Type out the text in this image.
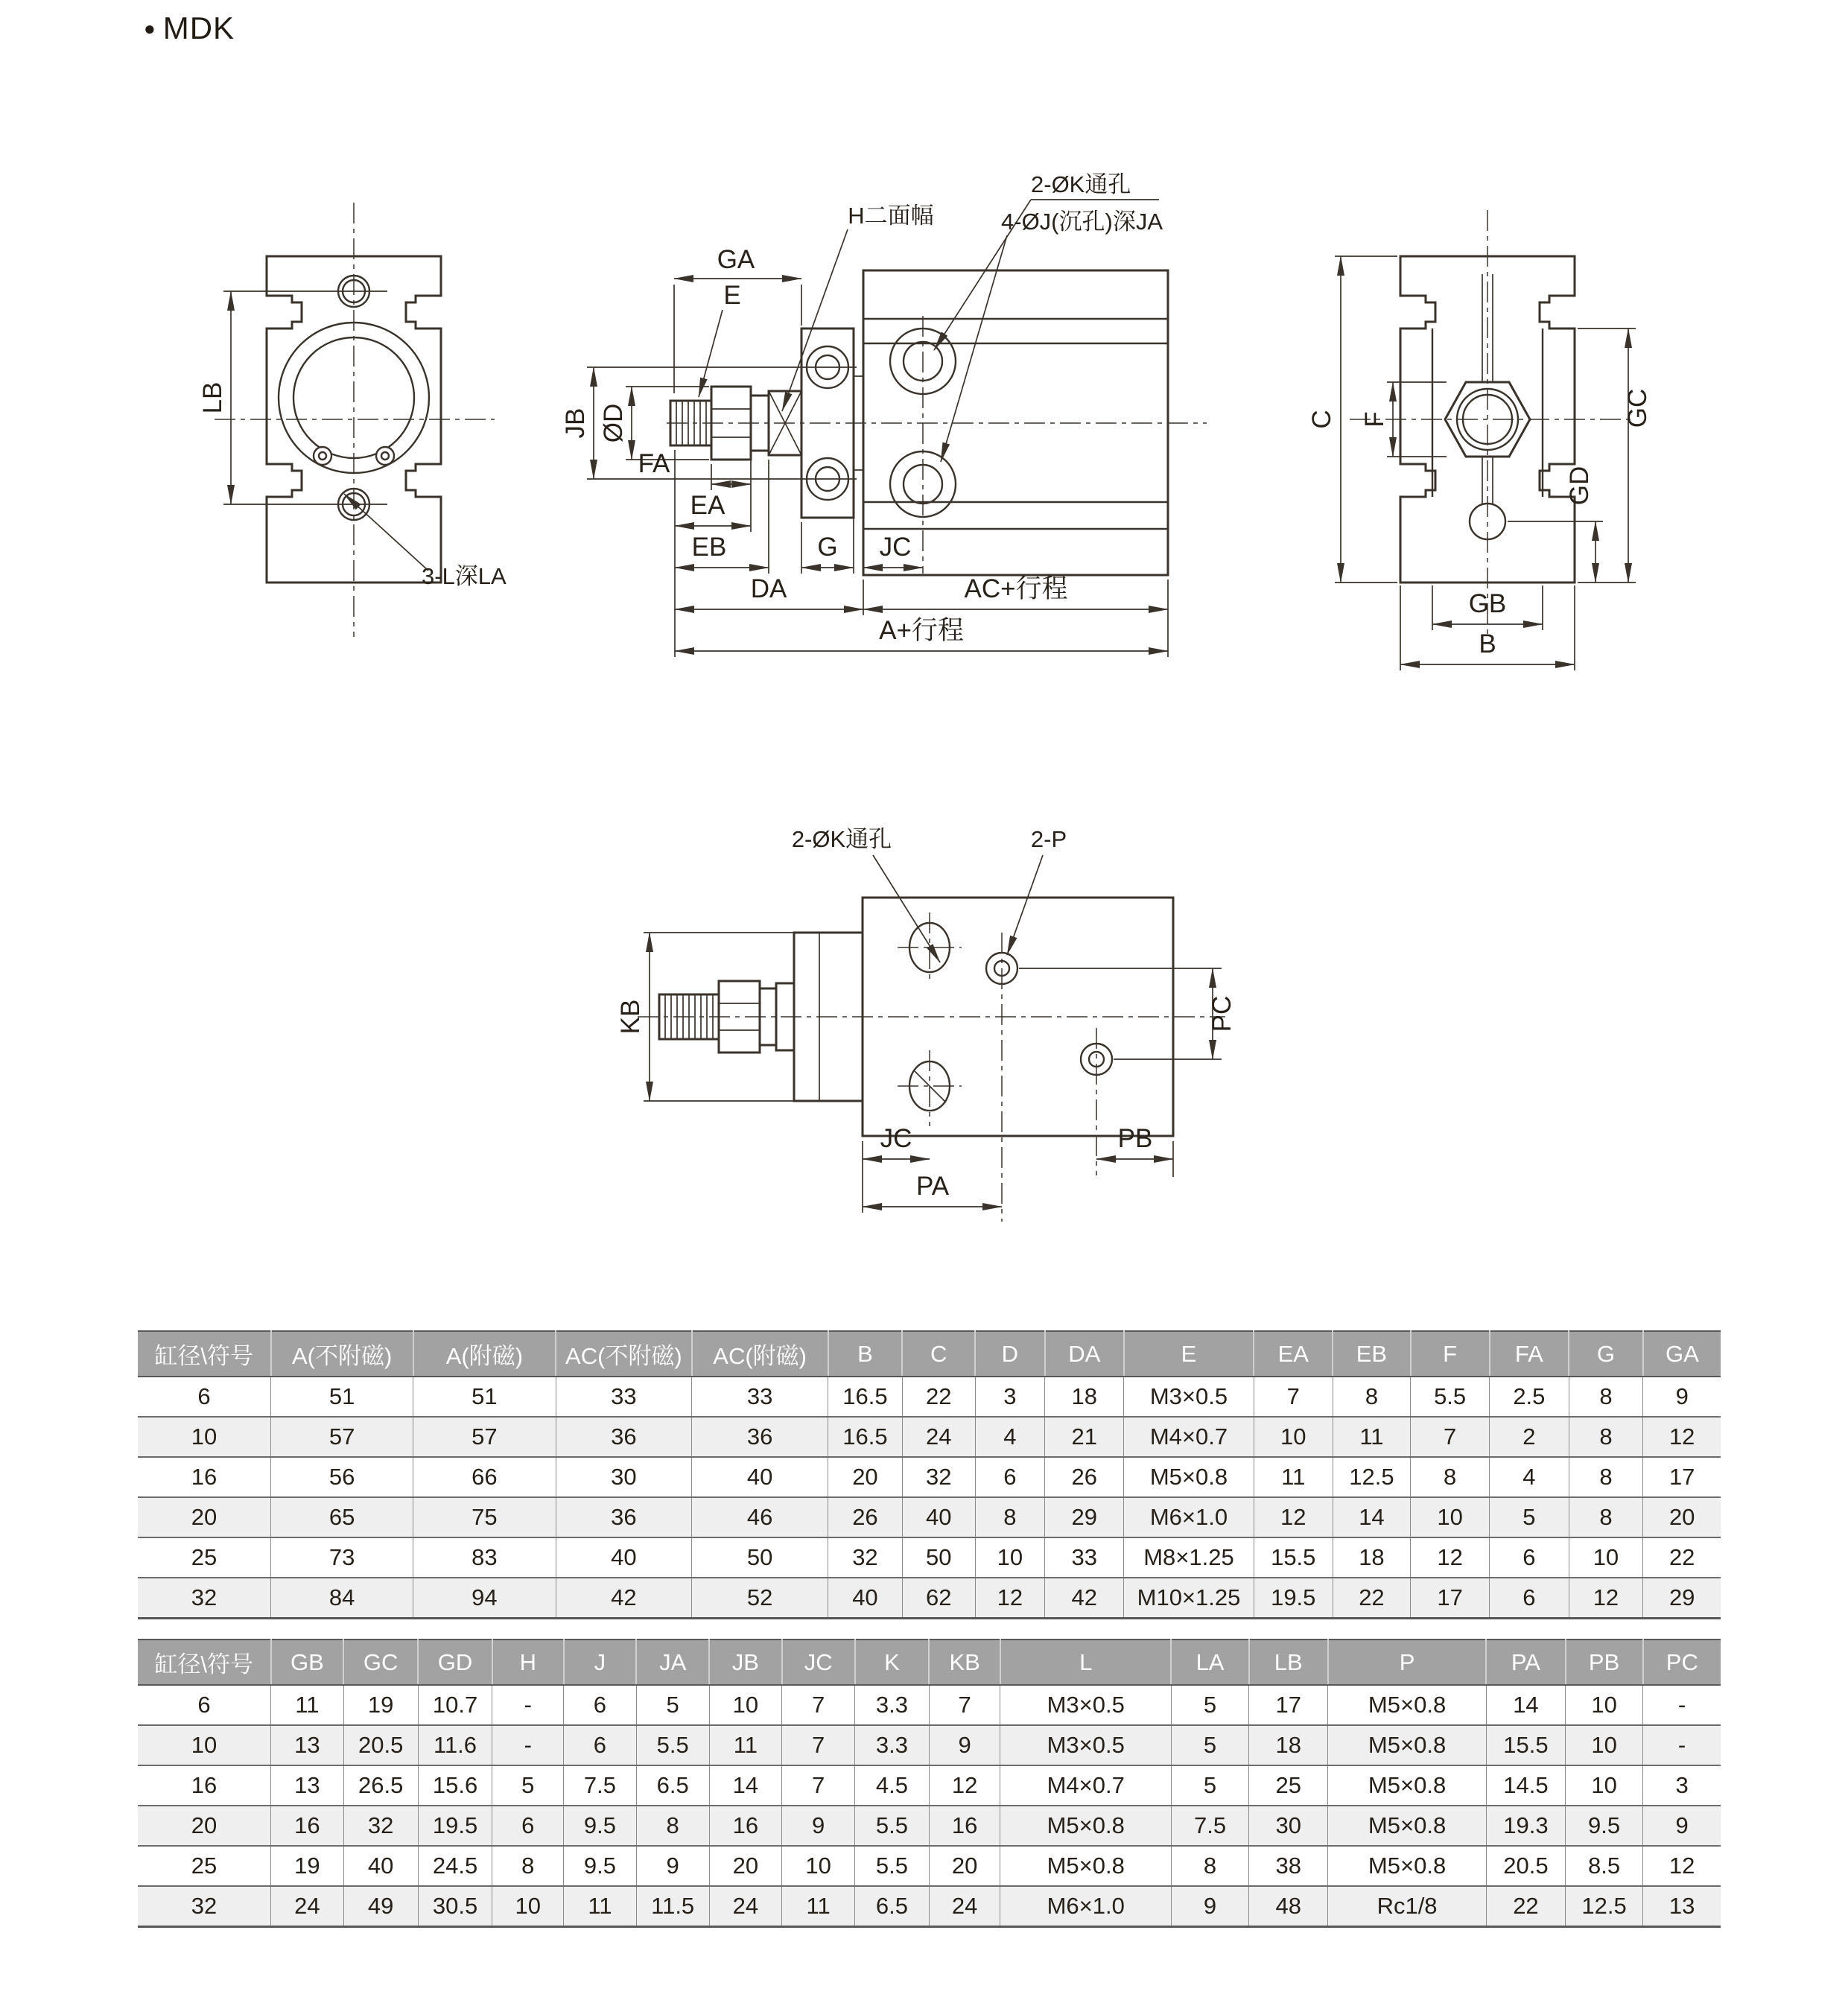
● MDK
LB
3-L深LA
GA
E
H二面幅
2-ØK通孔
4-ØJ(沉孔)深JA
JB ØD
FA
EA
EB	G JC
DA	AC+行程
A+行程
F
C	GC
GD
GB
B
2-ØK通孔	2-P
KB	PC
JC	PB
PA
缸径\符号	A(不附磁)	A(附磁)	AC(不附磁)	AC(附磁)	B	C	D	DA	E	EA	EB	F	FA	G	GA
6	51	51	33	33	16.5	22	3	18	M3×0.5	7	8	5.5	2.5	8	9
10	57	57	36	36	16.5	24	4	21	M4×0.7	10	11	7	2	8	12
16	56	66	30	40	20	32	6	26	M5×0.8	11	12.5	8	4	8	17
20	65	75	36	46	26	40	8	29	M6×1.0	12	14	10	5	8	20
25	73	83	40	50	32	50	10	33	M8×1.25	15.5	18	12	6	10	22
32	84	94	42	52	40	62	12	42	M10×1.25	19.5	22	17	6	12	29
缸径\符号	GB	GC	GD	H	J	JA	JB	JC	K	KB	L	LA	LB	P	PA	PB	PC
6	11	19	10.7	-	6	5	10	7	3.3	7	M3×0.5	5	17	M5×0.8	14	10	-
10	13	20.5	11.6	-	6	5.5	11	7	3.3	9	M3×0.5	5	18	M5×0.8	15.5	10	-
16	13	26.5	15.6	5	7.5	6.5	14	7	4.5	12	M4×0.7	5	25	M5×0.8	14.5	10	3
20	16	32	19.5	6	9.5	8	16	9	5.5	16	M5×0.8	7.5	30	M5×0.8	19.3	9.5	9
25	19	40	24.5	8	9.5	9	20	10	5.5	20	M5×0.8	8	38	M5×0.8	20.5	8.5	12
32	24	49	30.5	10	11	11.5	24	11	6.5	24	M6×1.0	9	48	Rc1/8	22	12.5	13
